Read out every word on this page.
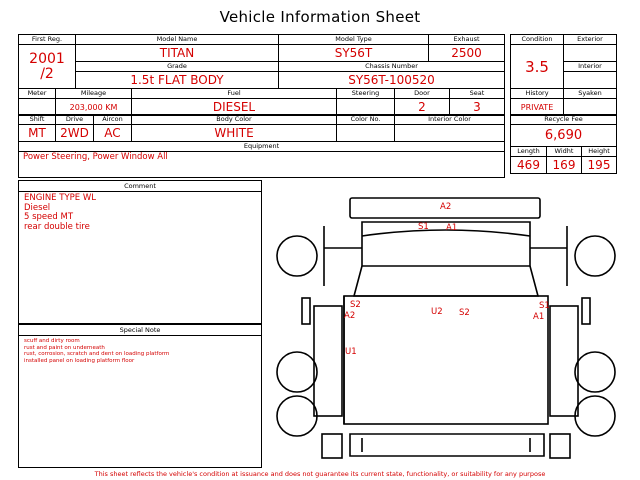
Vehicle Information Sheet
First Reg.	Model Name	Model Type	Exhaust

2001
/2	TITAN	SY56T	2500
	Grade	Chassis Number	
	1.5t FLAT BODY	SY56T-100520	
Meter	Mileage	Fuel	Steering	Door	Seat
	203,000 KM	DIESEL		2	3
Shift	Drive	Aircon	Body Color	Color No.	Interior Color
MT	2WD	AC	WHITE		
Equipment					
Power Steering, Power Window All					
Condition	Exterior
3.5	
	Interior

History	Syaken
PRIVATE	
Recycle Fee		
6,690		
Length	Widht	Height
469	169	195
Comment
ENGINE TYPE WL
Diesel
5 speed MT
rear double tire
Special Note
scuff and dirty room
rust and paint on underneath
rust, corrosion, scratch and dent on loading platform
installed panel on loading platform floor
A2
S1 A1
S2
A2	U2 S2
S1
A1
U1
This sheet reflects the vehicle's condition at issuance and does not guarantee its current state, functionality, or suitability for any purpose
